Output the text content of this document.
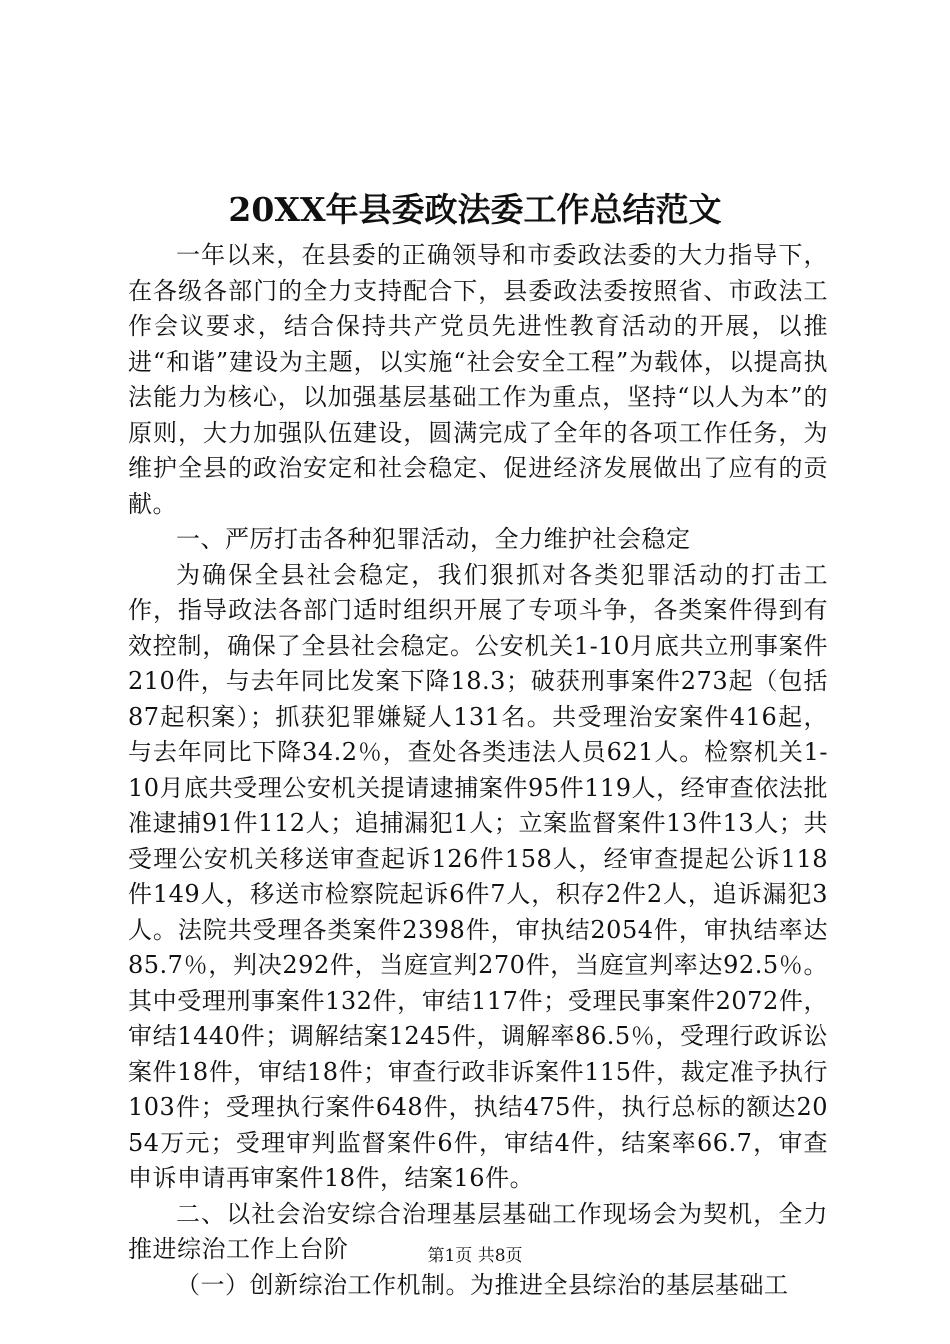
20XX年县委政法委工作总结范文

一年以来，在县委的正确领导和市委政法委的大力指导下，在各级各部门的全力支持配合下，县委政法委按照省、市政法工作会议要求，结合保持共产党员先进性教育活动的开展，以推进“和谐”建设为主题，以实施“社会安全工程”为载体，以提高执法能力为核心，以加强基层基础工作为重点，坚持“以人为本”的原则，大力加强队伍建设，圆满完成了全年的各项工作任务，为维护全县的政治安定和社会稳定、促进经济发展做出了应有的贡献。

一、严厉打击各种犯罪活动，全力维护社会稳定

为确保全县社会稳定，我们狠抓对各类犯罪活动的打击工作，指导政法各部门适时组织开展了专项斗争，各类案件得到有效控制，确保了全县社会稳定。公安机关1-10月底共立刑事案件210件，与去年同比发案下降18.3；破获刑事案件273起（包括87起积案）；抓获犯罪嫌疑人131名。共受理治安案件416起，与去年同比下降34.2％，查处各类违法人员621人。检察机关1-10月底共受理公安机关提请逮捕案件95件119人，经审查依法批准逮捕91件112人；追捕漏犯1人；立案监督案件13件13人；共受理公安机关移送审查起诉126件158人，经审查提起公诉118件149人，移送市检察院起诉6件7人，积存2件2人，追诉漏犯3人。法院共受理各类案件2398件，审执结2054件，审执结率达85.7％，判决292件，当庭宣判270件，当庭宣判率达92.5％。其中受理刑事案件132件，审结117件；受理民事案件2072件，审结1440件；调解结案1245件，调解率86.5％，受理行政诉讼案件18件，审结18件；审查行政非诉案件115件，裁定准予执行103件；受理执行案件648件，执结475件，执行总标的额达2054万元；受理审判监督案件6件，审结4件，结案率66.7，审查申诉申请再审案件18件，结案16件。

二、以社会治安综合治理基层基础工作现场会为契机，全力推进综治工作上台阶

（一）创新综治工作机制。为推进全县综治的基层基础工

第1页 共8页
